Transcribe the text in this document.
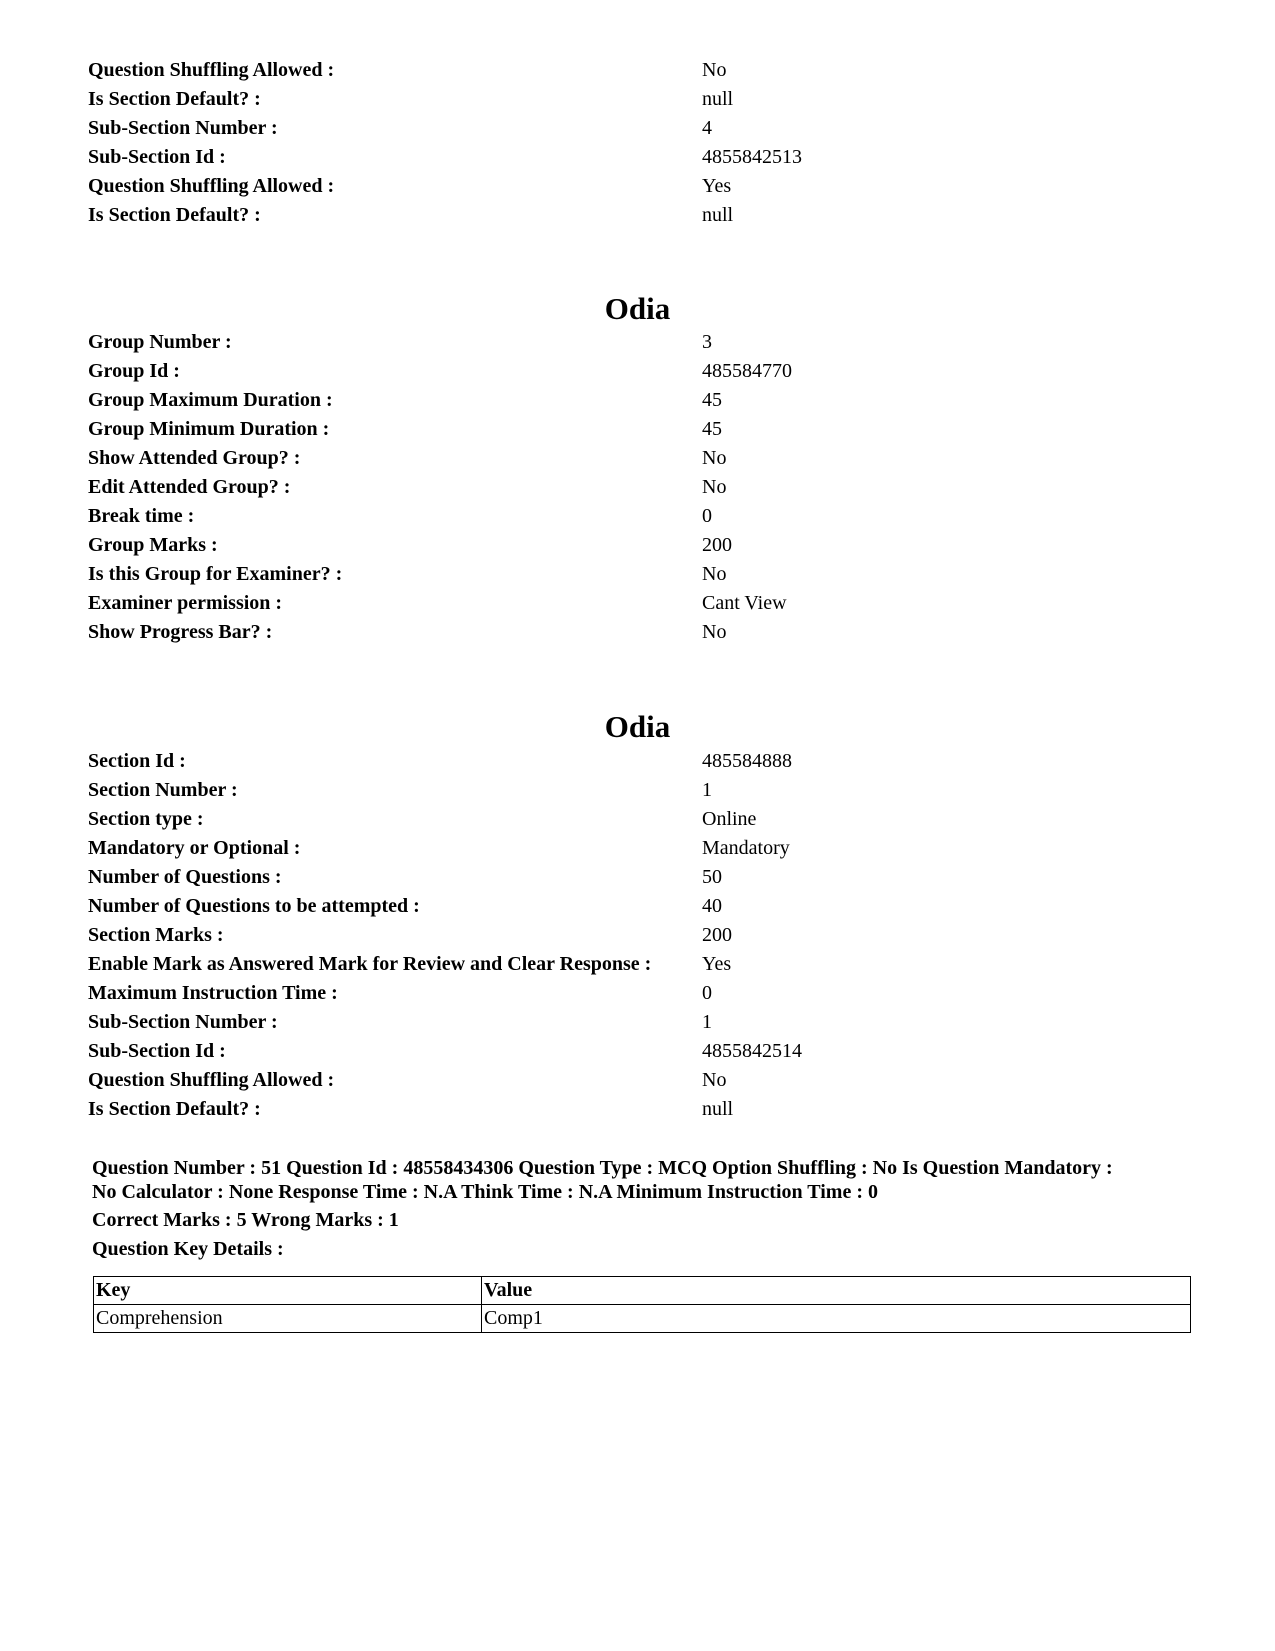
Question Shuffling Allowed :	No
Is Section Default? :	null
Sub-Section Number :	4
Sub-Section Id :	4855842513
Question Shuffling Allowed :	Yes
Is Section Default? :	null
Odia
Group Number :	3
Group Id :	485584770
Group Maximum Duration :	45
Group Minimum Duration :	45
Show Attended Group? :	No
Edit Attended Group? :	No
Break time :	0
Group Marks :	200
Is this Group for Examiner? :	No
Examiner permission :	Cant View
Show Progress Bar? :	No
Odia
Section Id :	485584888
Section Number :	1
Section type :	Online
Mandatory or Optional :	Mandatory
Number of Questions :	50
Number of Questions to be attempted :	40
Section Marks :	200
Enable Mark as Answered Mark for Review and Clear Response :	Yes
Maximum Instruction Time :	0
Sub-Section Number :	1
Sub-Section Id :	4855842514
Question Shuffling Allowed :	No
Is Section Default? :	null

Question Number : 51 Question Id : 48558434306 Question Type : MCQ Option Shuffling : No Is Question Mandatory :

No Calculator : None Response Time : N.A Think Time : N.A Minimum Instruction Time : 0

Correct Marks : 5 Wrong Marks : 1

Question Key Details :

Key	Value
Comprehension	Comp1
